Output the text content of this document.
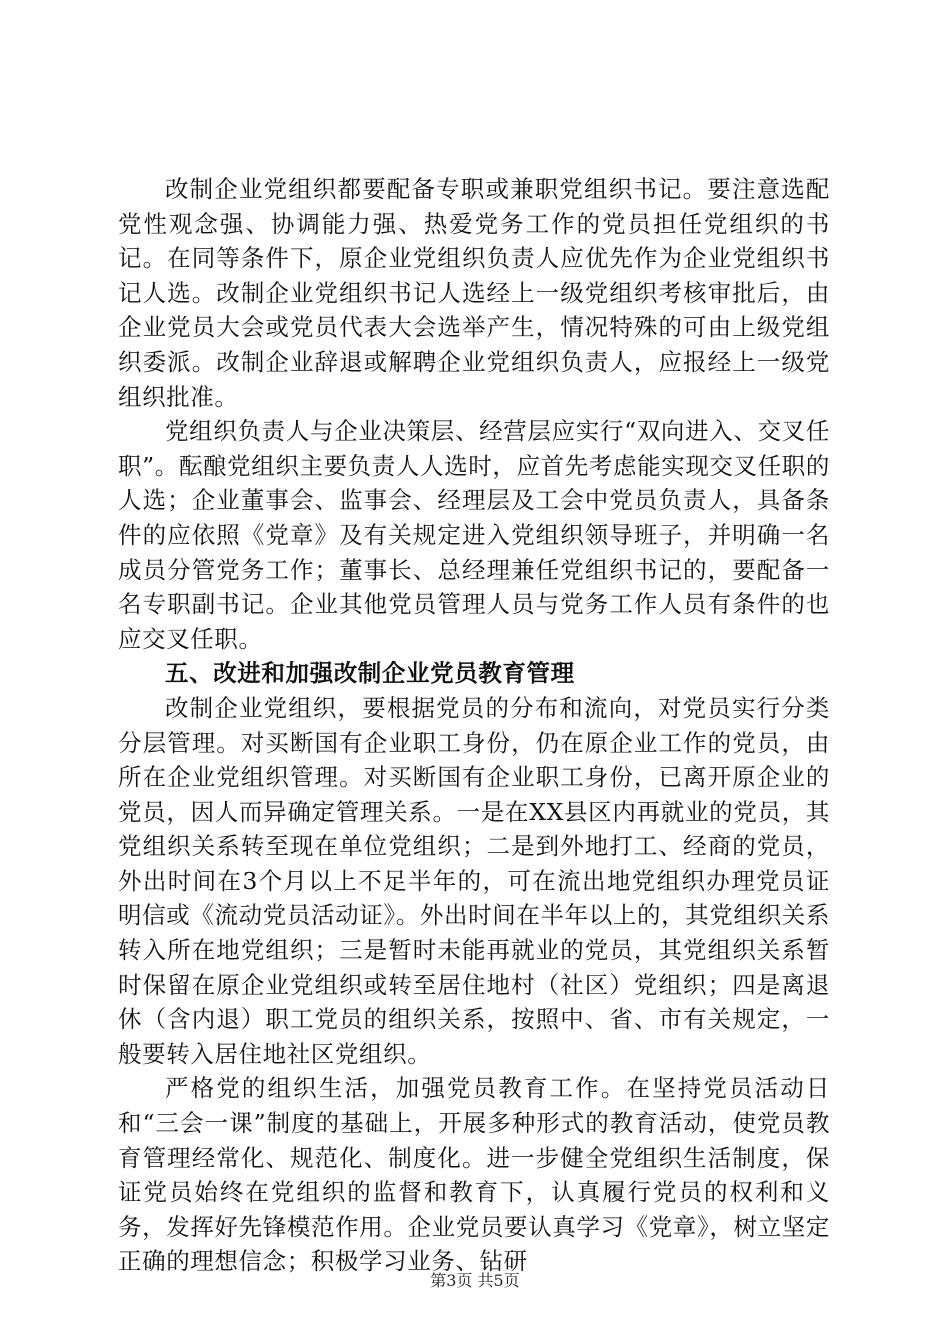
改制企业党组织都要配备专职或兼职党组织书记。要注意选配党性观念强、协调能力强、热爱党务工作的党员担任党组织的书记。在同等条件下，原企业党组织负责人应优先作为企业党组织书记人选。改制企业党组织书记人选经上一级党组织考核审批后，由企业党员大会或党员代表大会选举产生，情况特殊的可由上级党组织委派。改制企业辞退或解聘企业党组织负责人，应报经上一级党组织批准。

党组织负责人与企业决策层、经营层应实行“双向进入、交叉任职”。酝酿党组织主要负责人人选时，应首先考虑能实现交叉任职的人选；企业董事会、监事会、经理层及工会中党员负责人，具备条件的应依照《党章》及有关规定进入党组织领导班子，并明确一名成员分管党务工作；董事长、总经理兼任党组织书记的，要配备一名专职副书记。企业其他党员管理人员与党务工作人员有条件的也应交叉任职。

五、改进和加强改制企业党员教育管理

改制企业党组织，要根据党员的分布和流向，对党员实行分类分层管理。对买断国有企业职工身份，仍在原企业工作的党员，由所在企业党组织管理。对买断国有企业职工身份，已离开原企业的党员，因人而异确定管理关系。一是在XX县区内再就业的党员，其党组织关系转至现在单位党组织；二是到外地打工、经商的党员，外出时间在3个月以上不足半年的，可在流出地党组织办理党员证明信或《流动党员活动证》。外出时间在半年以上的，其党组织关系转入所在地党组织；三是暂时未能再就业的党员，其党组织关系暂时保留在原企业党组织或转至居住地村（社区）党组织；四是离退休（含内退）职工党员的组织关系，按照中、省、市有关规定，一般要转入居住地社区党组织。

严格党的组织生活，加强党员教育工作。在坚持党员活动日和“三会一课”制度的基础上，开展多种形式的教育活动，使党员教育管理经常化、规范化、制度化。进一步健全党组织生活制度，保证党员始终在党组织的监督和教育下，认真履行党员的权利和义务，发挥好先锋模范作用。企业党员要认真学习《党章》，树立坚定正确的理想信念；积极学习业务、钻研

第3页 共5页
